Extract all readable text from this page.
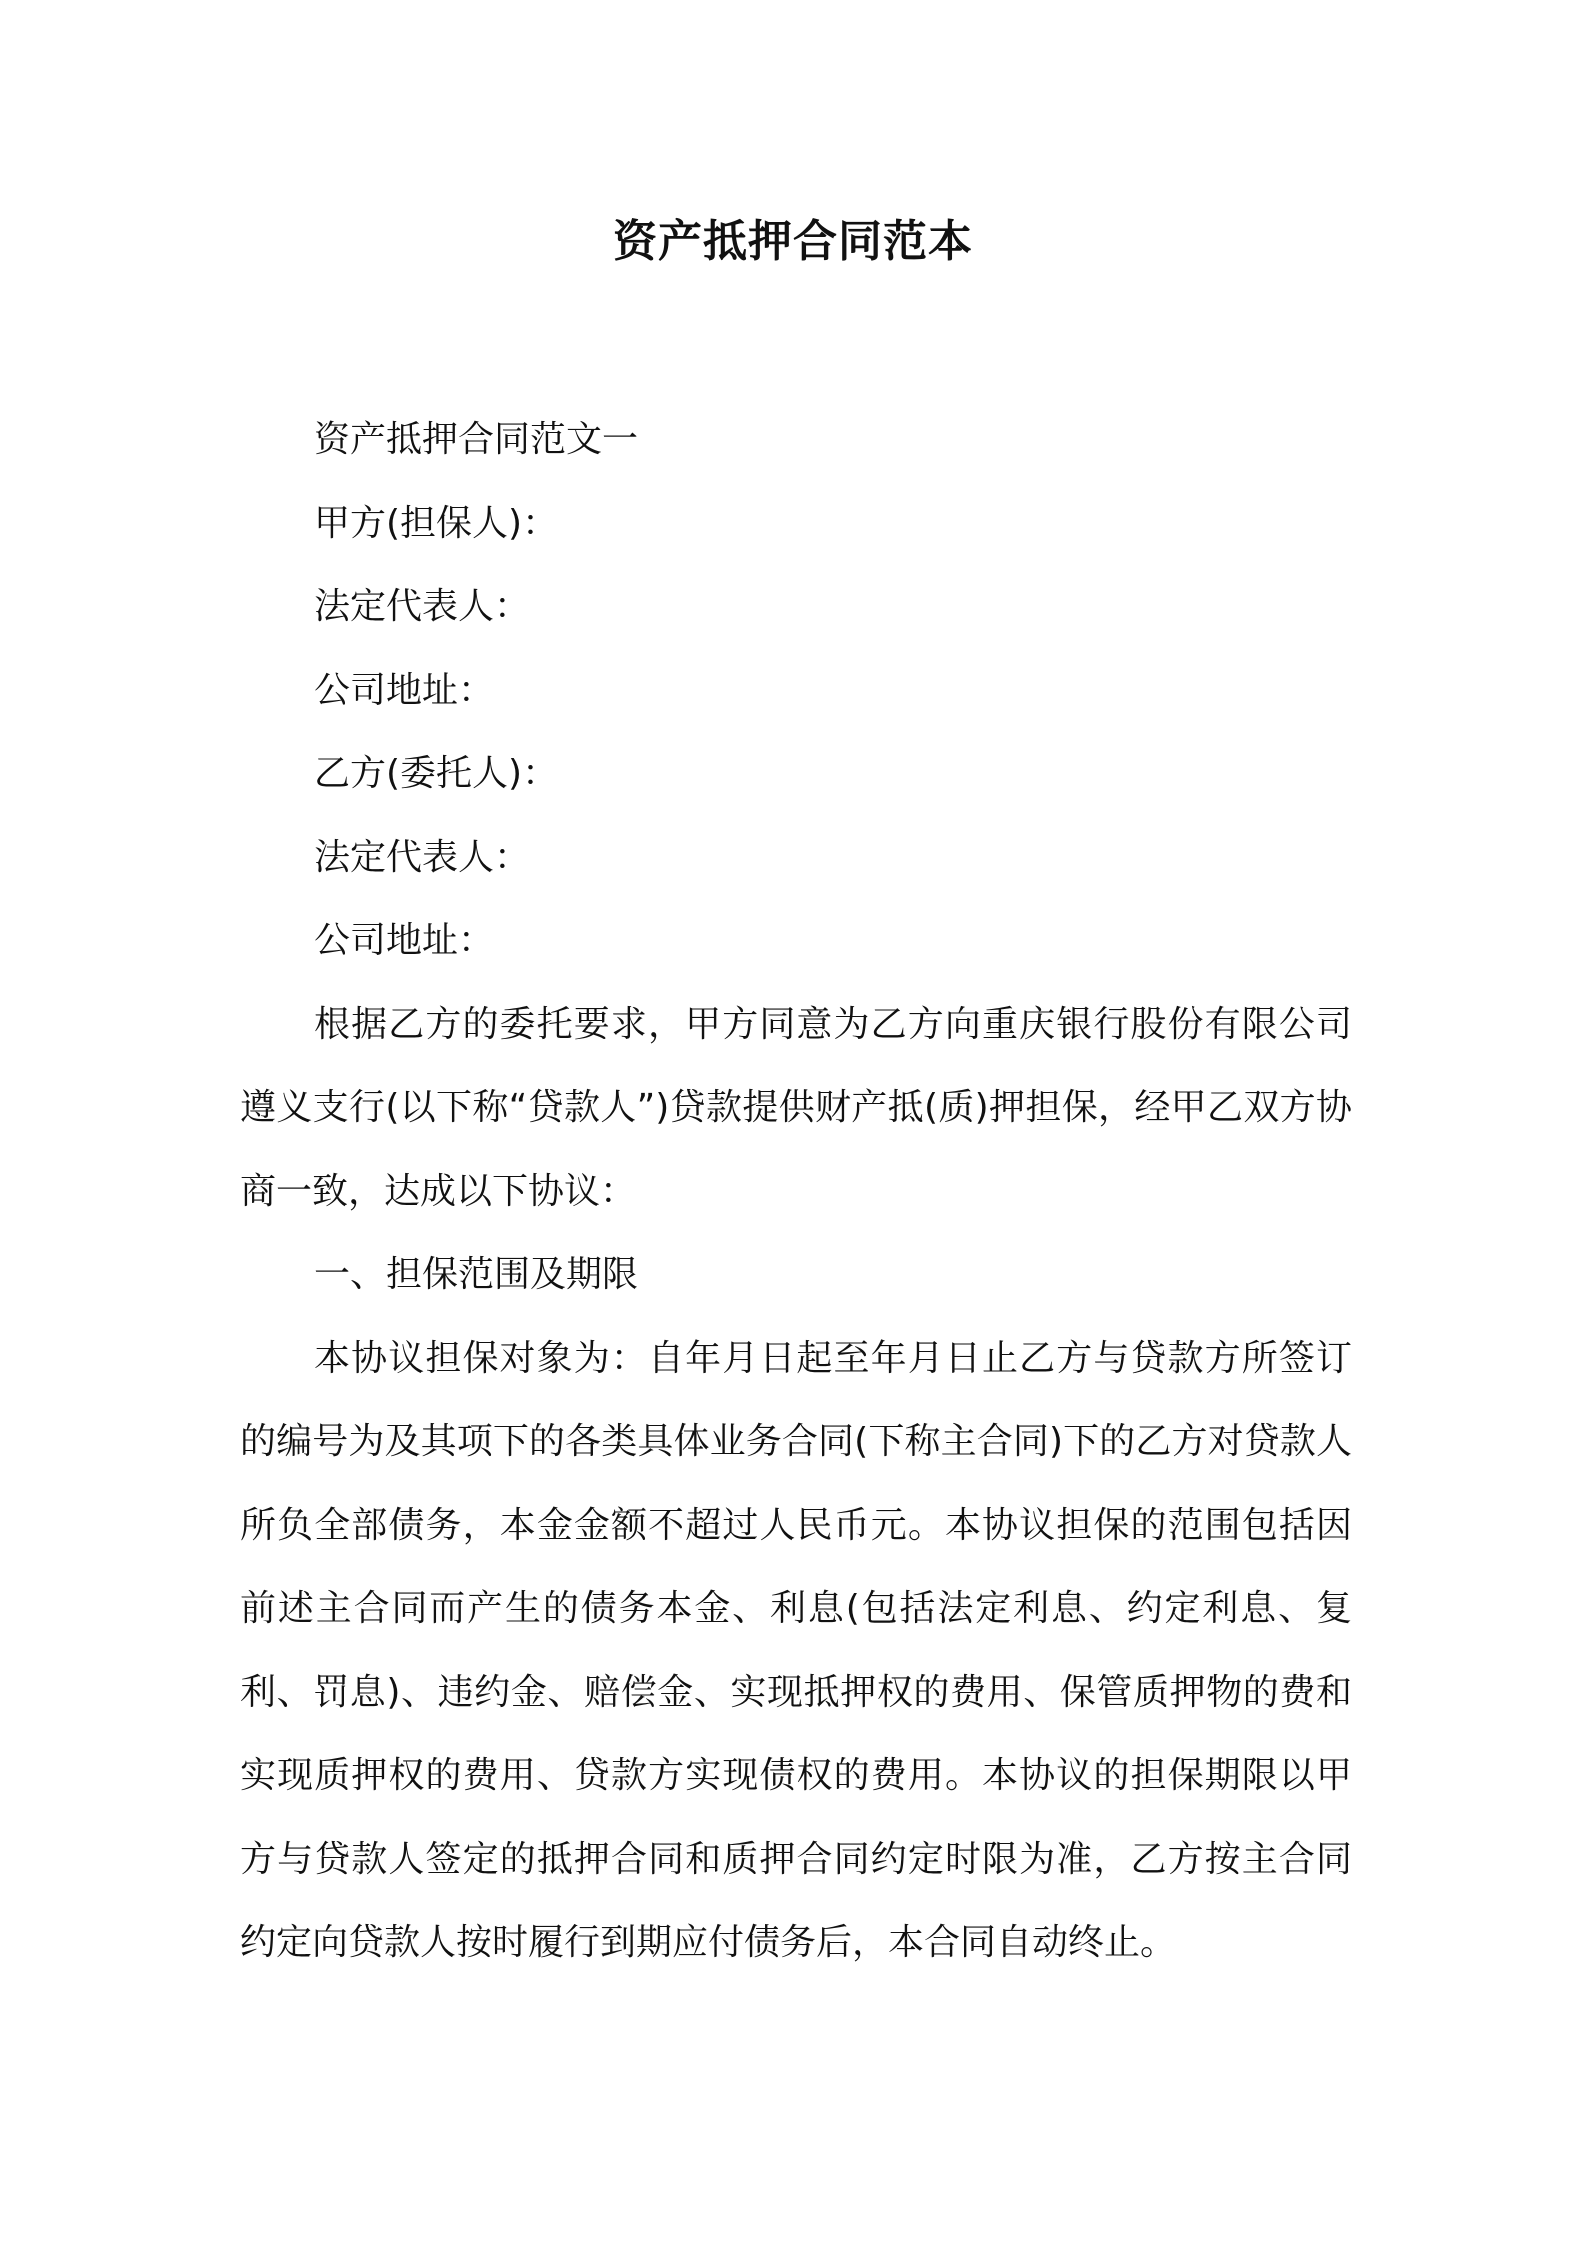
资产抵押合同范本
资产抵押合同范文一
甲方(担保人)：
法定代表人：
公司地址：
乙方(委托人)：
法定代表人：
公司地址：

根据乙方的委托要求，甲方同意为乙方向重庆银行股份有限公司遵义支行(以下称“贷款人”)贷款提供财产抵(质)押担保，经甲乙双方协商一致，达成以下协议：

一、担保范围及期限

本协议担保对象为：自年月日起至年月日止乙方与贷款方所签订的编号为及其项下的各类具体业务合同(下称主合同)下的乙方对贷款人所负全部债务，本金金额不超过人民币元。本协议担保的范围包括因前述主合同而产生的债务本金、利息(包括法定利息、约定利息、复利、罚息)、违约金、赔偿金、实现抵押权的费用、保管质押物的费和实现质押权的费用、贷款方实现债权的费用。本协议的担保期限以甲方与贷款人签定的抵押合同和质押合同约定时限为准，乙方按主合同约定向贷款人按时履行到期应付债务后，本合同自动终止。
